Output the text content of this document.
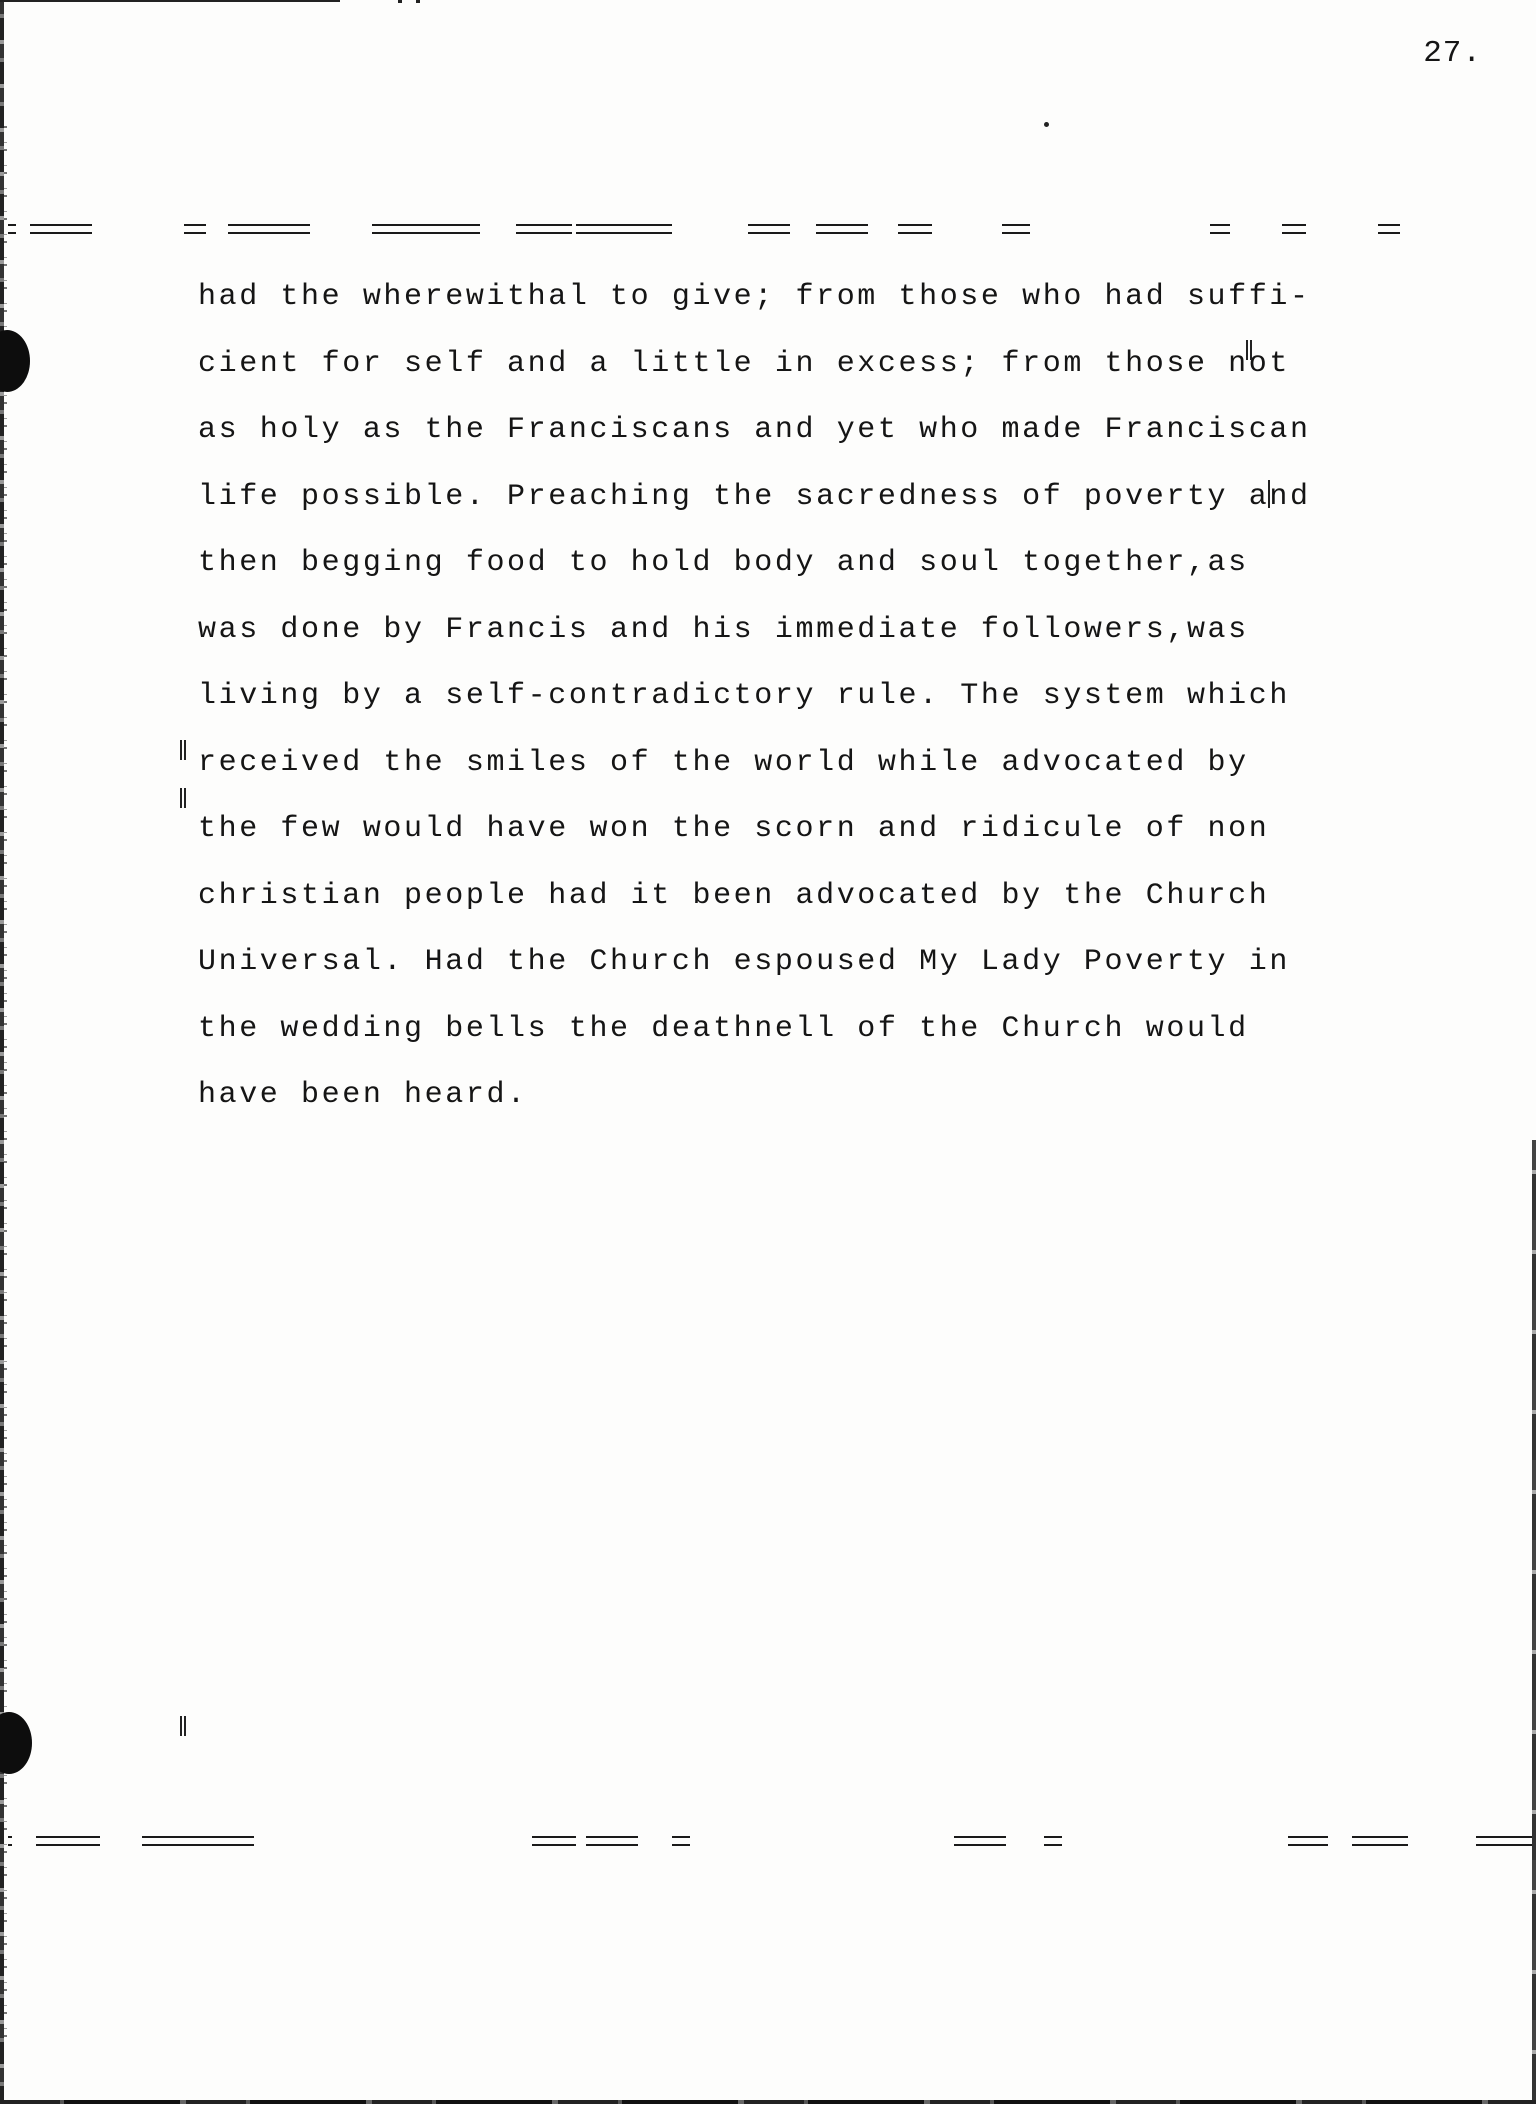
27.
had the wherewithal to give; from those who had suffi-
cient for self and a little in excess; from those not
as holy as the Franciscans and yet who made Franciscan
life possible. Preaching the sacredness of poverty and
then begging food to hold body and soul together,as
was done by Francis and his immediate followers,was
living by a self-contradictory rule. The system which
received the smiles of the world while advocated by
the few would have won the scorn and ridicule of non
christian people had it been advocated by the Church
Universal. Had the Church espoused My Lady Poverty in
the wedding bells the deathnell of the Church would
have been heard.
